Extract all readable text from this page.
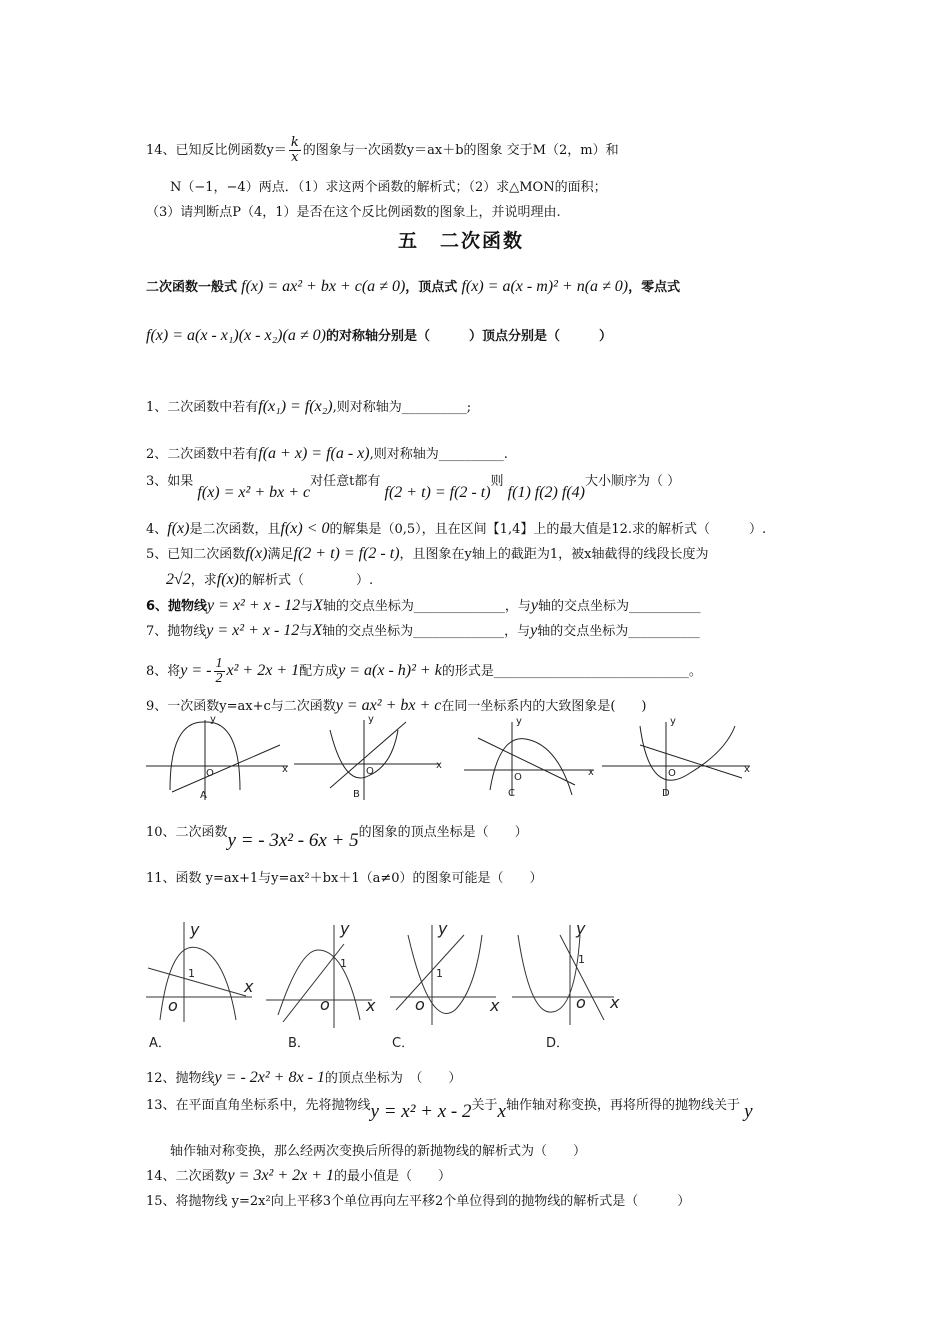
14、已知反比例函数$y= \frac{k}{x}$ 的图象与一次函数y＝ax＋b的图象 交于M（2，m）和
N（−1，−4）两点．（1）求这两个函数的解析式；（2）求△MON的面积；
（3）请判断点P（4，1）是否在这个反比例函数的图象上，并说明理由.
五　二次函数
二次函数一般式 f(x) = ax² + bx + c(a ≠ 0)，顶点式 f(x) = a(x - m)² + n(a ≠ 0)，零点式
f(x) = a(x - x₁)(x - x₂)(a ≠ 0)的对称轴分别是（　　　）顶点分别是（　　　）
1、二次函数中若有f(x₁) = f(x₂),则对称轴为__________;
2、二次函数中若有f(a + x) = f(a - x),则对称轴为__________.
3、如果 f(x) = x² + bx + c对任意t都有 f(2 + t) = f(2 - t)则 f(1) f(2) f(4)大小顺序为（ ）
4、f(x)是二次函数，且f(x) < 0的解集是（0,5），且在区间【1,4】上的最大值是12.求的解析式（　　　）.
5、已知二次函数f(x)满足f(2 + t) = f(2 - t)，且图象在y轴上的截距为1，被x轴截得的线段长度为
2√2，求f(x)的解析式（　　　　）.
6、抛物线y = x² + x - 12与X轴的交点坐标为______________，与y轴的交点坐标为___________
7、抛物线y = x² + x - 12与X轴的交点坐标为______________，与y轴的交点坐标为___________
8、将y = - $\frac{1}{2} x^2 + 2x + 1$配方成y = a(x - h)² + k的形式是______________________________。
9、一次函数y=ax+c与二次函数y = ax² + bx + c在同一坐标系内的大致图象是(　　)
A	B	C	D
O	O
O	O
x	x
x	x
y	y	y	y
10、二次函数y = - 3x² - 6x + 5的图象的顶点坐标是（　　）
11、函数 y=ax+1与y=ax²＋bx＋1（a≠0）的图象可能是（　　）
y	y	y	y
x
x	x	x
o	o	o	o
1
1
1
1
A．	B．	C．	D．
12、抛物线y = - 2x² + 8x - 1的顶点坐标为　（　　）
13、在平面直角坐标系中，先将抛物线y = x² + x - 2关于x轴作轴对称变换，再将所得的抛物线关于 y
轴作轴对称变换，那么经两次变换后所得的新抛物线的解析式为（　　）
14、二次函数y = 3x² + 2x + 1的最小值是（　　）
15、将抛物线 y=2x²向上平移3个单位再向左平移2个单位得到的抛物线的解析式是（　　　）
